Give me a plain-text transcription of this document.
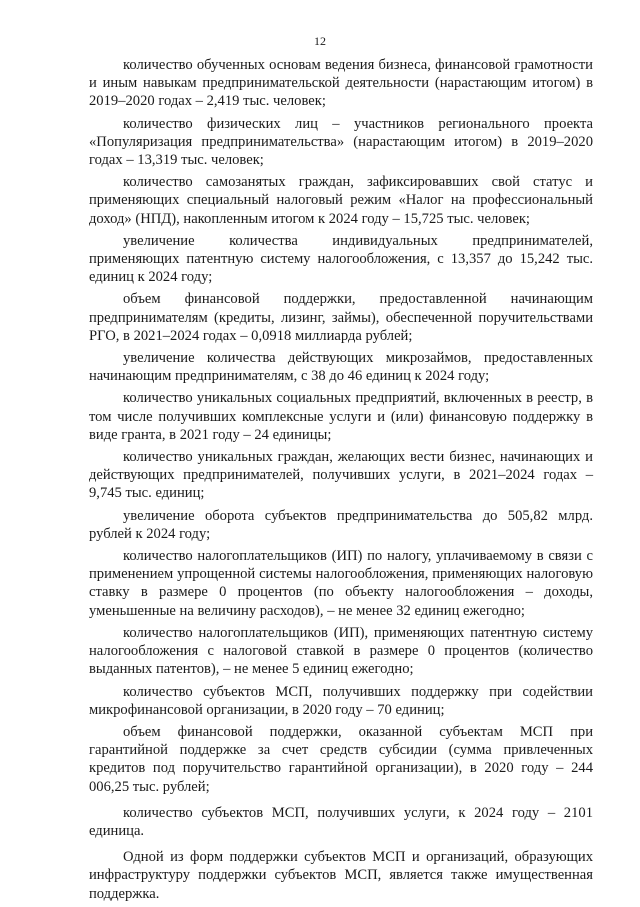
12

количество обученных основам ведения бизнеса, финансовой грамотности и иным навыкам предпринимательской деятельности (нарастающим итогом) в 2019–2020 годах – 2,419 тыс. человек;

количество физических лиц – участников регионального проекта «Популяризация предпринимательства» (нарастающим итогом) в 2019–2020 годах – 13,319 тыс. человек;

количество самозанятых граждан, зафиксировавших свой статус и применяющих специальный налоговый режим «Налог на профессиональный доход» (НПД), накопленным итогом к 2024 году – 15,725 тыс. человек;

увеличение количества индивидуальных предпринимателей, применяющих патентную систему налогообложения, с 13,357 до 15,242 тыс. единиц к 2024 году;

объем финансовой поддержки, предоставленной начинающим предпринимателям (кредиты, лизинг, займы), обеспеченной поручительствами РГО, в 2021–2024 годах – 0,0918 миллиарда рублей;

увеличение количества действующих микрозаймов, предоставленных начинающим предпринимателям, с 38 до 46 единиц к 2024 году;

количество уникальных социальных предприятий, включенных в реестр, в том числе получивших комплексные услуги и (или) финансовую поддержку в виде гранта, в 2021 году – 24 единицы;

количество уникальных граждан, желающих вести бизнес, начинающих и действующих предпринимателей, получивших услуги, в 2021–2024 годах – 9,745 тыс. единиц;

увеличение оборота субъектов предпринимательства до 505,82 млрд. рублей к 2024 году;

количество налогоплательщиков (ИП) по налогу, уплачиваемому в связи с применением упрощенной системы налогообложения, применяющих налоговую ставку в размере 0 процентов (по объекту налогообложения – доходы, уменьшенные на величину расходов), – не менее 32 единиц ежегодно;

количество налогоплательщиков (ИП), применяющих патентную систему налогообложения с налоговой ставкой в размере 0 процентов (количество выданных патентов), – не менее 5 единиц ежегодно;

количество субъектов МСП, получивших поддержку при содействии микрофинансовой организации, в 2020 году – 70 единиц;

объем финансовой поддержки, оказанной субъектам МСП при гарантийной поддержке за счет средств субсидии (сумма привлеченных кредитов под поручительство гарантийной организации), в 2020 году – 244 006,25 тыс. рублей;

количество субъектов МСП, получивших услуги, к 2024 году – 2101 единица.

Одной из форм поддержки субъектов МСП и организаций, образующих инфраструктуру поддержки субъектов МСП, является также имущественная поддержка.
